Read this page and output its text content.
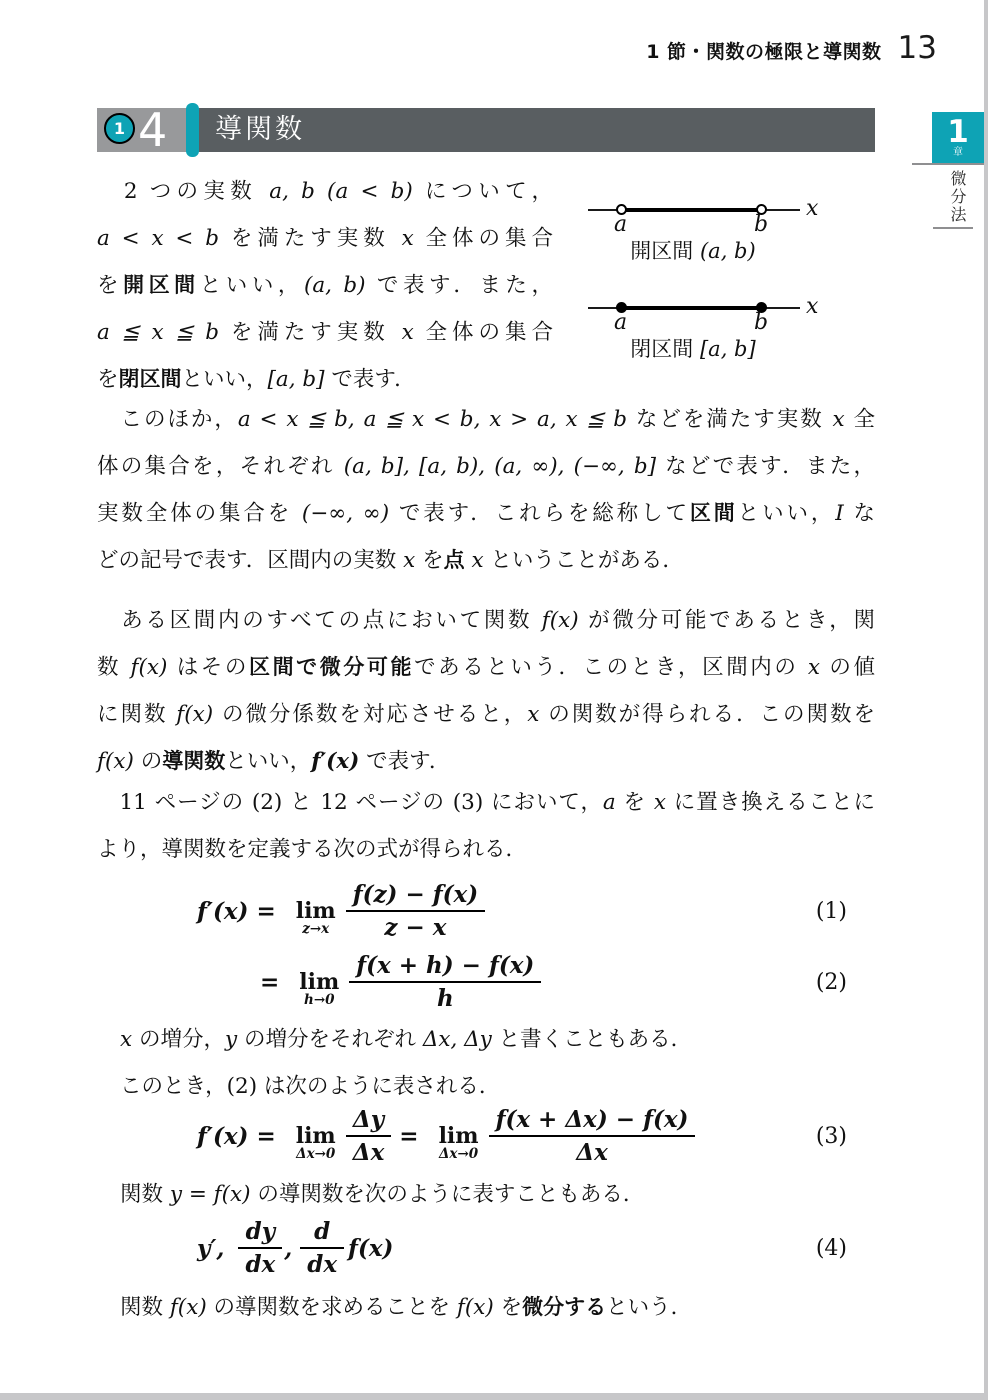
1 節・関数の極限と導関数 13
1 4 導関数	1
章
微分法
　2 つの実数 a, b (a < b) について，
a < x < b を満たす実数 x 全体の集合
を開区間といい，(a, b) で表す．また，
a ≦ x ≦ b を満たす実数 x 全体の集合
を閉区間といい，[a, b] で表す．
a	b
x
開区間 (a, b)
a	b
x
閉区間 [a, b]
　このほか，a < x ≦ b, a ≦ x < b, x > a, x ≦ b などを満たす実数 x 全
体の集合を，それぞれ (a, b], [a, b), (a, ∞), (−∞, b] などで表す．また，
実数全体の集合を (−∞, ∞) で表す．これらを総称して区間といい，I な
どの記号で表す．区間内の実数 x を点 x ということがある．
　ある区間内のすべての点において関数 f(x) が微分可能であるとき，関
数 f(x) はその区間で微分可能であるという．このとき，区間内の x の値
に関数 f(x) の微分係数を対応させると，x の関数が得られる．この関数を
f(x) の導関数といい，f′(x) で表す．
　11 ページの (2) と 12 ページの (3) において，a を x に置き換えることに
より，導関数を定義する次の式が得られる．
f′(x) = lim
$z\to x \frac{f(z) - f(x)}{z - x}$	(1)
= lim
$h\to 0 \frac{f(x + h) - f(x)}{h}$	(2)
x の増分，y の増分をそれぞれ Δx, Δy と書くこともある．
このとき，(2) は次のように表される．
f′(x) = lim
$\Delta x\to 0 \frac{\Delta y}{\Delta x} = \lim$
$\Delta x\to 0 \frac{f(x + \Delta x) - f(x)}{\Delta x}$	(3)
関数 y = f(x) の導関数を次のように表すこともある．
y′, $\frac{dy}{dx}$ , $\frac{d}{dx} f(x)$	(4)
関数 f(x) の導関数を求めることを f(x) を微分するという．
